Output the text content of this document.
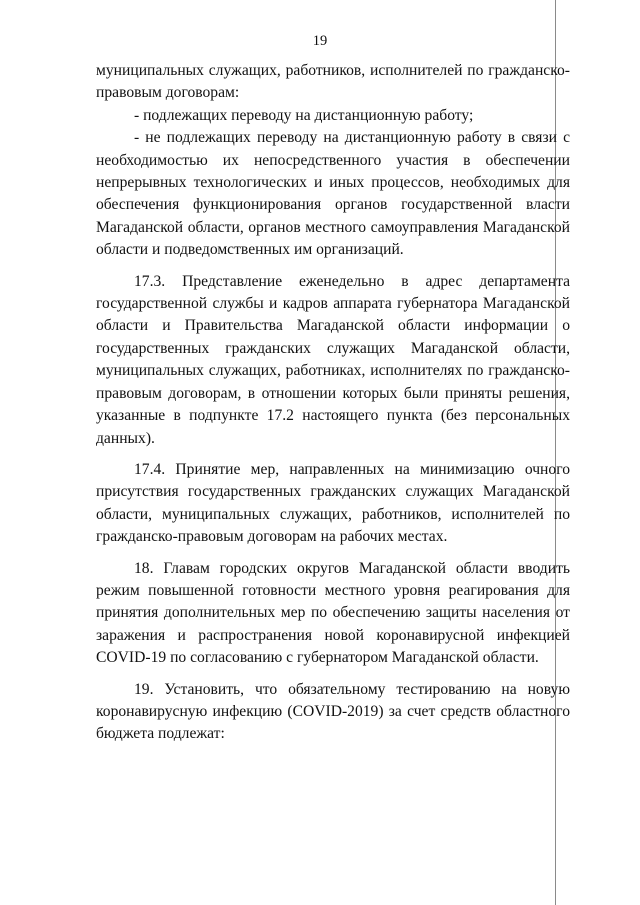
19

муниципальных служащих, работников, исполнителей по гражданско-правовым договорам:

- подлежащих переводу на дистанционную работу;

- не подлежащих переводу на дистанционную работу в связи с необходимостью их непосредственного участия в обеспечении непрерывных технологических и иных процессов, необходимых для обеспечения функционирования органов государственной власти Магаданской области, органов местного самоуправления Магаданской области и подведомственных им организаций.

17.3. Представление еженедельно в адрес департамента государственной службы и кадров аппарата губернатора Магаданской области и Правительства Магаданской области информации о государственных гражданских служащих Магаданской области, муниципальных служащих, работниках, исполнителях по гражданско-правовым договорам, в отношении которых были приняты решения, указанные в подпункте 17.2 настоящего пункта (без персональных данных).

17.4. Принятие мер, направленных на минимизацию очного присутствия государственных гражданских служащих Магаданской области, муниципальных служащих, работников, исполнителей по гражданско-правовым договорам на рабочих местах.

18. Главам городских округов Магаданской области вводить режим повышенной готовности местного уровня реагирования для принятия дополнительных мер по обеспечению защиты населения от заражения и распространения новой коронавирусной инфекцией COVID-19 по согласованию с губернатором Магаданской области.

19. Установить, что обязательному тестированию на новую коронавирусную инфекцию (COVID-2019) за счет средств областного бюджета подлежат:
